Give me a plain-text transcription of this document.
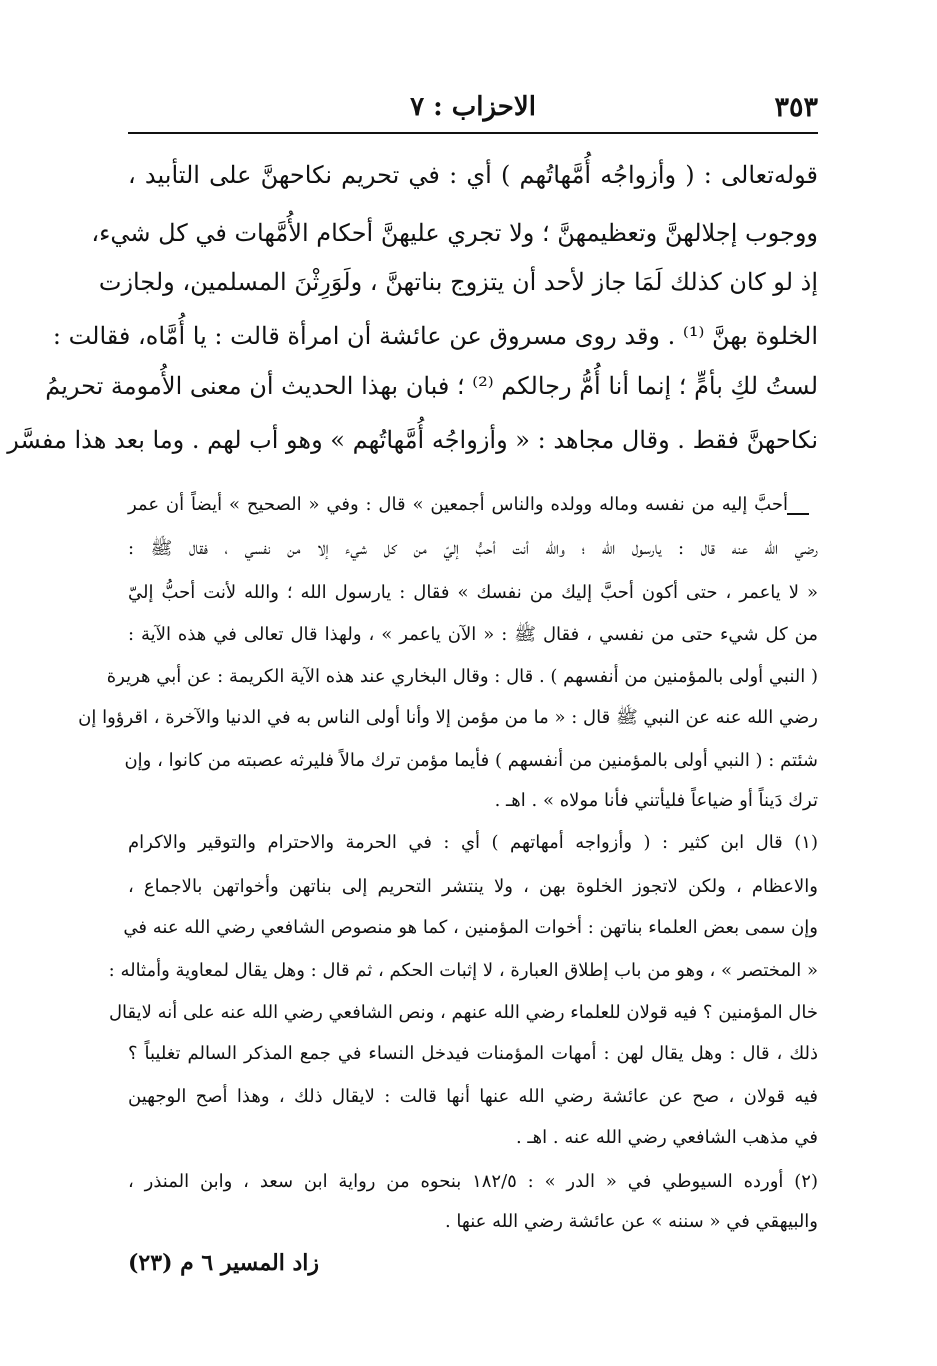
٣٥٣
الاحزاب : ٧
قوله‌تعالى : ( وأزواجُه أُمَّهاتُهم ) أي : في تحريم نكاحهنَّ على التأبيد ،
ووجوب إجلالهنَّ وتعظيمهنَّ ؛ ولا تجري عليهنَّ أحكام الأُمَّهات في كل شيء،
إذ لو كان كذلك لَمَا جاز لأحد أن يتزوج بناتهنَّ ، ولَوَرِثْنَ المسلمين، ولجازت
الخلوة بهنَّ ⁽¹⁾ . وقد روى مسروق عن عائشة أن امرأة قالت : يا أُمَّاه، فقالت :
لستُ لكِ بأمٍّ ؛ إنما أنا أُمُّ رجالكم ⁽²⁾ ؛ فبان بهذا الحديث أن معنى الأُمومة تحريمُ
نكاحهنَّ فقط . وقال مجاهد : « وأزواجُه أُمَّهاتُهم » وهو أب لهم . وما بعد هذا مفسَّر
أحبَّ إليه من نفسه وماله وولده والناس أجمعين » قال : وفي « الصحيح » أيضاً أن عمر
رضي الله عنه قال : يارسول الله ؛ والله أنت أحبُّ إليّ من كل شيء إلا من نفسي ، فقال ﷺ :
« لا ياعمر ، حتى أكون أحبَّ إليك من نفسك » فقال : يارسول الله ؛ والله لأنت أحبُّ إليّ
من كل شيء حتى من نفسي ، فقال ﷺ : « الآن ياعمر » ، ولهذا قال تعالى في هذه الآية :
( النبي أولى بالمؤمنين من أنفسهم ) . قال : وقال البخاري عند هذه الآية الكريمة : عن أبي هريرة
رضي الله عنه عن النبي ﷺ قال : « ما من مؤمن إلا وأنا أولى الناس به في الدنيا والآخرة ، اقرؤوا إن
شئتم : ( النبي أولى بالمؤمنين من أنفسهم ) فأيما مؤمن ترك مالاً فليرثه عصبته من كانوا ، وإن
ترك دَيناً أو ضياعاً فليأتني فأنا مولاه » . اهـ .
(١) قال ابن كثير : ( وأزواجه أمهاتهم ) أي : في الحرمة والاحترام والتوقير والاكرام
والاعظام ، ولكن لاتجوز الخلوة بهن ، ولا ينتشر التحريم إلى بناتهن وأخواتهن بالاجماع ،
وإن سمى بعض العلماء بناتهن : أخوات المؤمنين ، كما هو منصوص الشافعي رضي الله عنه في
« المختصر » ، وهو من باب إطلاق العبارة ، لا إثبات الحكم ، ثم قال : وهل يقال لمعاوية وأمثاله :
خال المؤمنين ؟ فيه قولان للعلماء رضي الله عنهم ، ونص الشافعي رضي الله عنه على أنه لايقال
ذلك ، قال : وهل يقال لهن : أمهات المؤمنات فيدخل النساء في جمع المذكر السالم تغليباً ؟
فيه قولان ، صح عن عائشة رضي الله عنها أنها قالت : لايقال ذلك ، وهذا أصح الوجهين
في مذهب الشافعي رضي الله عنه . اهـ .
(٢) أورده السيوطي في « الدر » : ١٨٢/٥ بنحوه من رواية ابن سعد ، وابن المنذر ،
والبيهقي في « سننه » عن عائشة رضي الله عنها .
زاد المسير ٦ م (٢٣)
